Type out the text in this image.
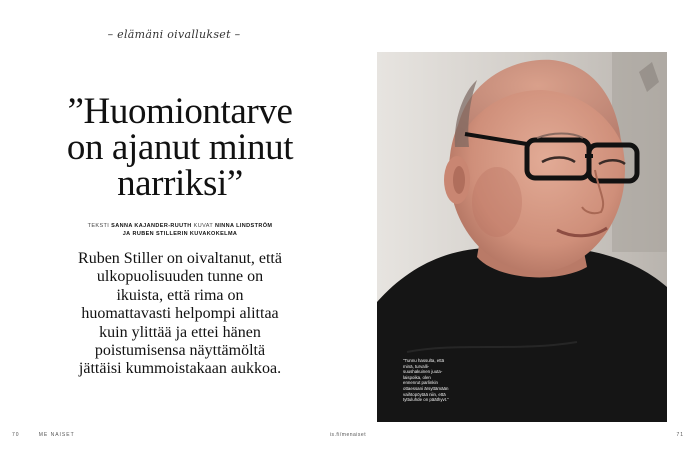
– elämäni oivallukset –
”Huomiontarve
on ajanut minut
narriksi”
TEKSTI SANNA KAJANDER-RUUTH KUVAT NINNA LINDSTRÖM
JA RUBEN STILLERIN KUVAKOKELMA
Ruben Stiller on oivaltanut, että ulkopuolisuuden tunne on ikuista, että rima on huomattavasti helpompi alittaa kuin ylittää ja ettei hänen poistumisensa näyttämöltä jättäisi kummoistakaan aukkoa.	”Tunnu hassulta, että minä, turvallisuushakuinen juutalaispoika, olen ennenrut parlinkin ottaessani ärsyttämään vaihtopöytää niin, että tyttuluhde on pääthyvt.”
70	ME NAISET	is.fi/menaiset	71
